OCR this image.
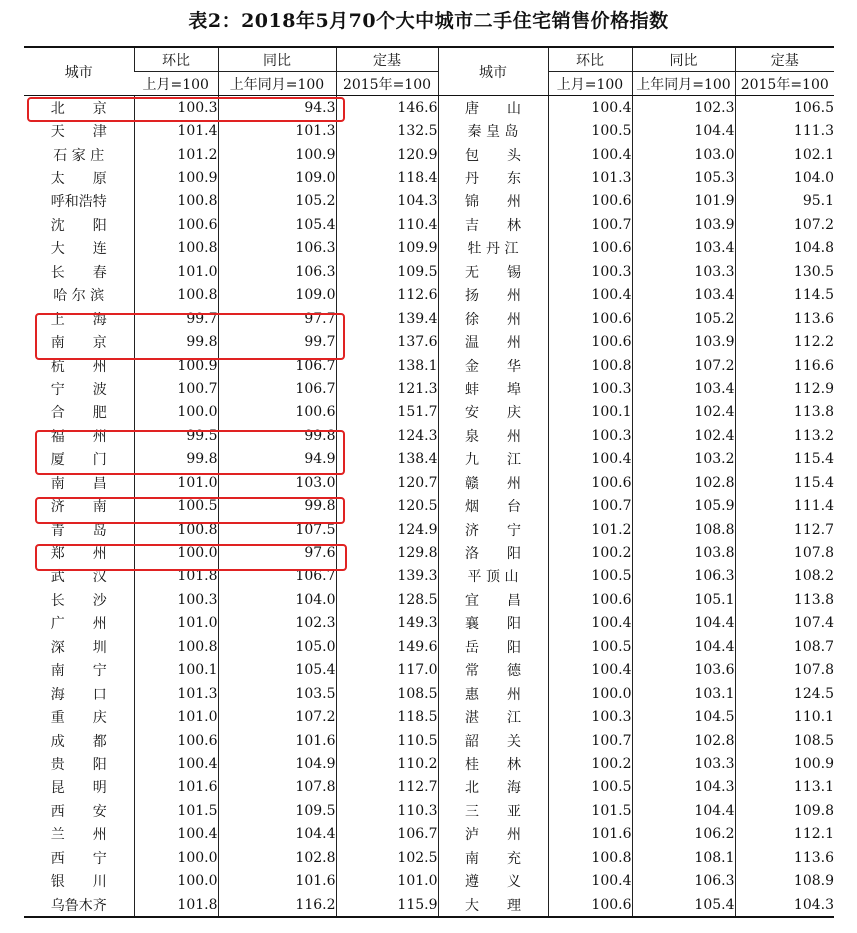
表2：2018年5月70个大中城市二手住宅销售价格指数
城市	环比	同比	定基	城市	环比	同比	定基
	上月=100	上年同月=100	2015年=100		上月=100	上年同月=100	2015年=100
北　　京	100.3	94.3	146.6	唐　　山	100.4	102.3	106.5
天　　津	101.4	101.3	132.5	秦 皇 岛	100.5	104.4	111.3
石 家 庄	101.2	100.9	120.9	包　　头	100.4	103.0	102.1
太　　原	100.9	109.0	118.4	丹　　东	101.3	105.3	104.0
呼和浩特	100.8	105.2	104.3	锦　　州	100.6	101.9	95.1
沈　　阳	100.6	105.4	110.4	吉　　林	100.7	103.9	107.2
大　　连	100.8	106.3	109.9	牡 丹 江	100.6	103.4	104.8
长　　春	101.0	106.3	109.5	无　　锡	100.3	103.3	130.5
哈 尔 滨	100.8	109.0	112.6	扬　　州	100.4	103.4	114.5
上　　海	99.7	97.7	139.4	徐　　州	100.6	105.2	113.6
南　　京	99.8	99.7	137.6	温　　州	100.6	103.9	112.2
杭　　州	100.9	106.7	138.1	金　　华	100.8	107.2	116.6
宁　　波	100.7	106.7	121.3	蚌　　埠	100.3	103.4	112.9
合　　肥	100.0	100.6	151.7	安　　庆	100.1	102.4	113.8
福　　州	99.5	99.8	124.3	泉　　州	100.3	102.4	113.2
厦　　门	99.8	94.9	138.4	九　　江	100.4	103.2	115.4
南　　昌	101.0	103.0	120.7	赣　　州	100.6	102.8	115.4
济　　南	100.5	99.8	120.5	烟　　台	100.7	105.9	111.4
青　　岛	100.8	107.5	124.9	济　　宁	101.2	108.8	112.7
郑　　州	100.0	97.6	129.8	洛　　阳	100.2	103.8	107.8
武　　汉	101.8	106.7	139.3	平 顶 山	100.5	106.3	108.2
长　　沙	100.3	104.0	128.5	宜　　昌	100.6	105.1	113.8
广　　州	101.0	102.3	149.3	襄　　阳	100.4	104.4	107.4
深　　圳	100.8	105.0	149.6	岳　　阳	100.5	104.4	108.7
南　　宁	100.1	105.4	117.0	常　　德	100.4	103.6	107.8
海　　口	101.3	103.5	108.5	惠　　州	100.0	103.1	124.5
重　　庆	101.0	107.2	118.5	湛　　江	100.3	104.5	110.1
成　　都	100.6	101.6	110.5	韶　　关	100.7	102.8	108.5
贵　　阳	100.4	104.9	110.2	桂　　林	100.2	103.3	100.9
昆　　明	101.6	107.8	112.7	北　　海	100.5	104.3	113.1
西　　安	101.5	109.5	110.3	三　　亚	101.5	104.4	109.8
兰　　州	100.4	104.4	106.7	泸　　州	101.6	106.2	112.1
西　　宁	100.0	102.8	102.5	南　　充	100.8	108.1	113.6
银　　川	100.0	101.6	101.0	遵　　义	100.4	106.3	108.9
乌鲁木齐	101.8	116.2	115.9	大　　理	100.6	105.4	104.3
